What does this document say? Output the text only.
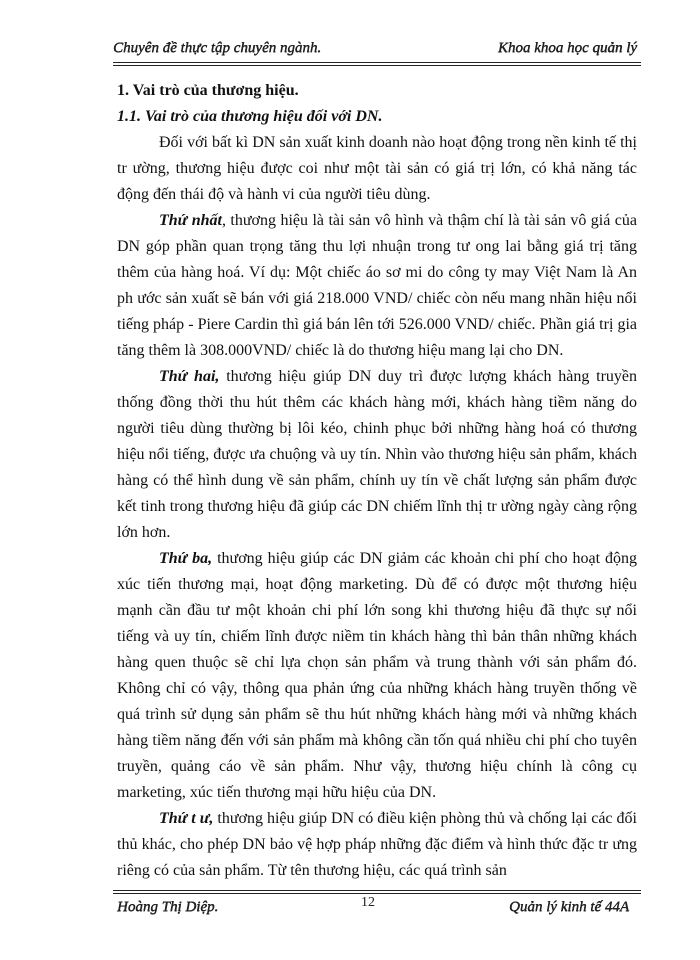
Chuyên đề thực tập chuyên ngành.	Khoa khoa học quản lý

1. Vai trò của thương hiệu.

1.1. Vai trò của thương hiệu đối với DN.

Đối với bất kì DN sản xuất kinh doanh nào hoạt động trong nền kinh tế thị tr ường, thương hiệu được coi như một tài sản có giá trị lớn, có khả năng tác động đến thái độ và hành vi của người tiêu dùng.

Thứ nhất, thương hiệu là tài sản vô hình và thậm chí là tài sản vô giá của DN góp phần quan trọng tăng thu lợi nhuận trong tư ong lai bằng giá trị tăng thêm của hàng hoá. Ví dụ: Một chiếc áo sơ mi do công ty may Việt Nam là An ph ước sản xuất sẽ bán với giá 218.000 VND/ chiếc còn nếu mang nhãn hiệu nổi tiếng pháp - Piere Cardin thì giá bán lên tới 526.000 VND/ chiếc. Phần giá trị gia tăng thêm là 308.000VND/ chiếc là do thương hiệu mang lại cho DN.

Thứ hai, thương hiệu giúp DN duy trì được lượng khách hàng truyền thống đồng thời thu hút thêm các khách hàng mới, khách hàng tiềm năng do người tiêu dùng thường bị lôi kéo, chinh phục bởi những hàng hoá có thương hiệu nổi tiếng, được ưa chuộng và uy tín. Nhìn vào thương hiệu sản phẩm, khách hàng có thể hình dung về sản phẩm, chính uy tín về chất lượng sản phẩm được kết tinh trong thương hiệu đã giúp các DN chiếm lĩnh thị tr ường ngày càng rộng lớn hơn.

Thứ ba, thương hiệu giúp các DN giảm các khoản chi phí cho hoạt động xúc tiến thương mại, hoạt động marketing. Dù để có được một thương hiệu mạnh cần đầu tư một khoản chi phí lớn song khi thương hiệu đã thực sự nổi tiếng và uy tín, chiếm lĩnh được niềm tin khách hàng thì bản thân những khách hàng quen thuộc sẽ chỉ lựa chọn sản phẩm và trung thành với sản phẩm đó. Không chỉ có vậy, thông qua phản ứng của những khách hàng truyền thống về quá trình sử dụng sản phẩm sẽ thu hút những khách hàng mới và những khách hàng tiềm năng đến với sản phẩm mà không cần tốn quá nhiều chi phí cho tuyên truyền, quảng cáo về sản phẩm. Như vậy, thương hiệu chính là công cụ marketing, xúc tiến thương mại hữu hiệu của DN.

Thứ t ư, thương hiệu giúp DN có điều kiện phòng thủ và chống lại các đối thủ khác, cho phép DN bảo vệ hợp pháp những đặc điểm và hình thức đặc tr ưng riêng có của sản phẩm. Từ tên thương hiệu, các quá trình sản

Hoàng Thị Diệp.	12	Quản lý kinh tế 44A
